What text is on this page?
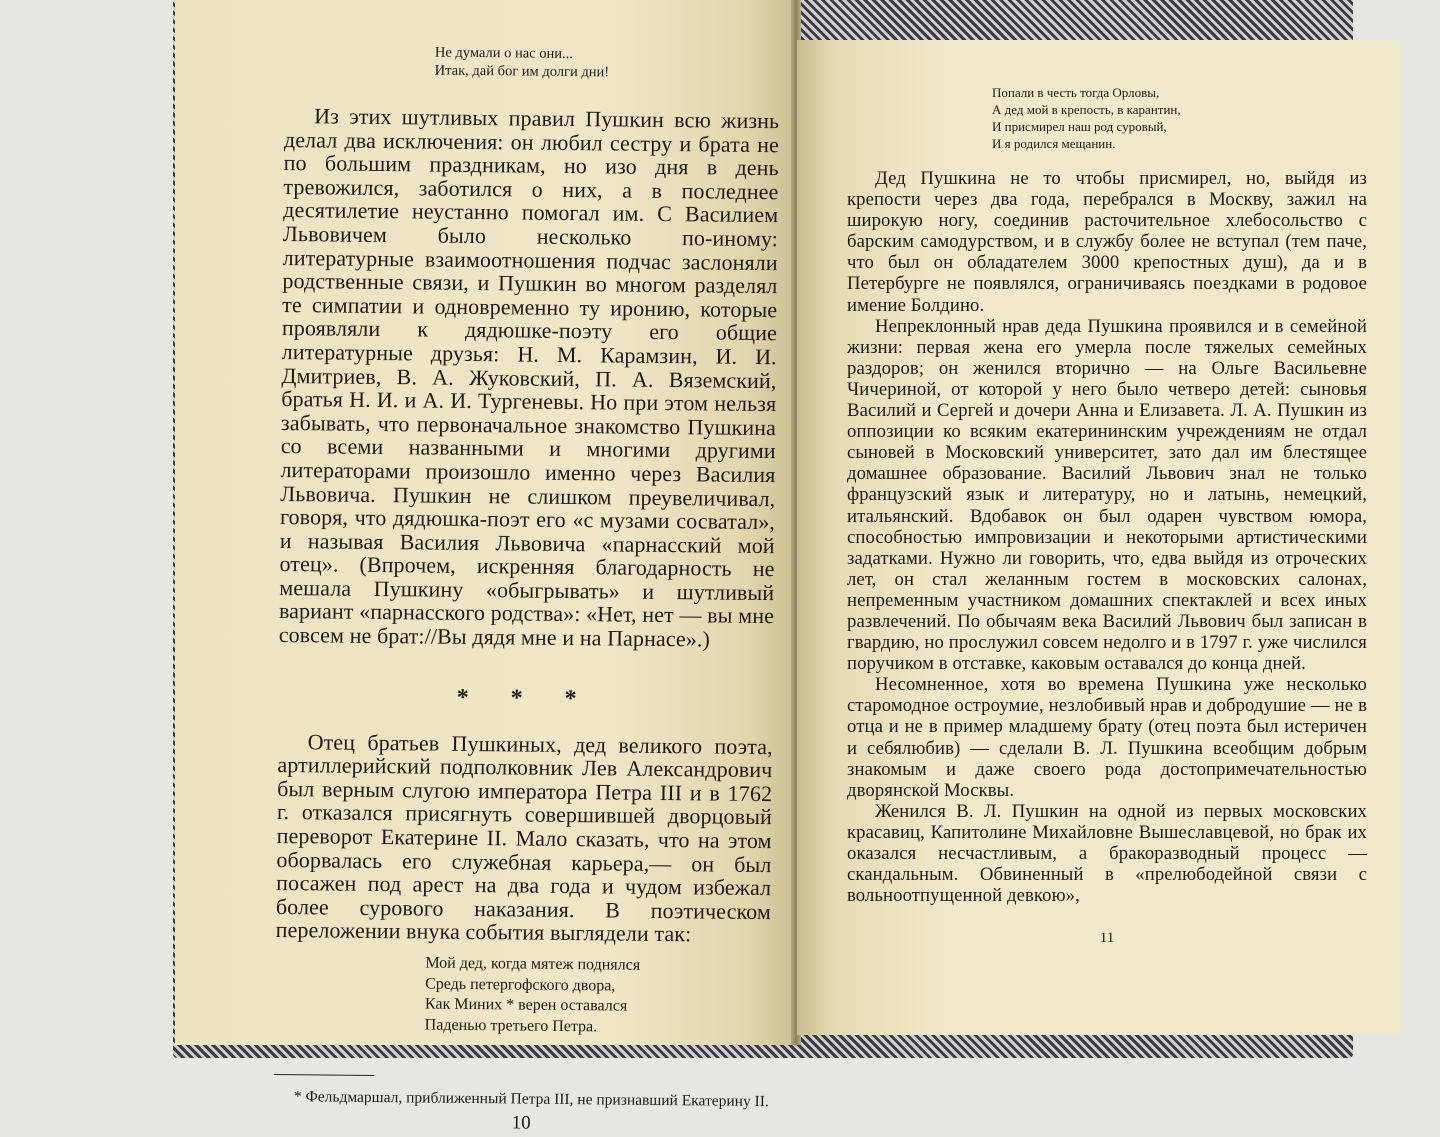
Не думали о нас они...
Итак, дай бог им долги дни!

Из этих шутливых правил Пушкин всю жизнь делал два исключения: он любил сестру и брата не по большим праздникам, но изо дня в день тревожился, заботился о них, а в последнее десятилетие неустанно помогал им. С Василием Львовичем было несколько по-иному: литературные взаимоотношения подчас заслоняли родственные связи, и Пушкин во многом разделял те симпатии и одновременно ту иронию, которые проявляли к дядюшке-поэту его общие литературные друзья: Н. М. Карамзин, И. И. Дмитриев, В. А. Жуковский, П. А. Вяземский, братья Н. И. и А. И. Тургеневы. Но при этом нельзя забывать, что первоначальное знакомство Пушкина со всеми названными и многими другими литераторами произошло именно через Василия Львовича. Пушкин не слишком преувеличивал, говоря, что дядюшка-поэт его «с музами сосватал», и называя Василия Львовича «парнасский мой отец». (Впрочем, искренняя благодарность не мешала Пушкину «обыгрывать» и шутливый вариант «парнасского родства»: «Нет, нет — вы мне совсем не брат://Вы дядя мне и на Парнасе».)

* * *

Отец братьев Пушкиных, дед великого поэта, артиллерийский подполковник Лев Александрович был верным слугою императора Петра III и в 1762 г. отказался присягнуть совершившей дворцовый переворот Екатерине II. Мало сказать, что на этом оборвалась его служебная карьера,— он был посажен под арест на два года и чудом избежал более сурового наказания. В поэтическом переложении внука события выглядели так:

Мой дед, когда мятеж поднялся
Средь петергофского двора,
Как Миних * верен оставался
Паденью третьего Петра.
* Фельдмаршал, приближенный Петра III, не признавший Екатерину II.
10
Попали в честь тогда Орловы,
А дед мой в крепость, в карантин,
И присмирел наш род суровый,
И я родился мещанин.

Дед Пушкина не то чтобы присмирел, но, выйдя из крепости через два года, перебрался в Москву, зажил на широкую ногу, соединив расточительное хлебосольство с барским самодурством, и в службу более не вступал (тем паче, что был он обладателем 3000 крепостных душ), да и в Петербурге не появлялся, ограничиваясь поездками в родовое имение Болдино.

Непреклонный нрав деда Пушкина проявился и в семейной жизни: первая жена его умерла после тяжелых семейных раздоров; он женился вторично — на Ольге Васильевне Чичериной, от которой у него было четверо детей: сыновья Василий и Сергей и дочери Анна и Елизавета. Л. А. Пушкин из оппозиции ко всяким екатерининским учреждениям не отдал сыновей в Московский университет, зато дал им блестящее домашнее образование. Василий Львович знал не только французский язык и литературу, но и латынь, немецкий, итальянский. Вдобавок он был одарен чувством юмора, способностью импровизации и некоторыми артистическими задатками. Нужно ли говорить, что, едва выйдя из отроческих лет, он стал желанным гостем в московских салонах, непременным участником домашних спектаклей и всех иных развлечений. По обычаям века Василий Львович был записан в гвардию, но прослужил совсем недолго и в 1797 г. уже числился поручиком в отставке, каковым оставался до конца дней.

Несомненное, хотя во времена Пушкина уже несколько старомодное остроумие, незлобивый нрав и добродушие — не в отца и не в пример младшему брату (отец поэта был истеричен и себялюбив) — сделали В. Л. Пушкина всеобщим добрым знакомым и даже своего рода достопримечательностью дворянской Москвы.

Женился В. Л. Пушкин на одной из первых московских красавиц, Капитолине Михайловне Вышеславцевой, но брак их оказался несчастливым, а бракоразводный процесс — скандальным. Обвиненный в «прелюбодейной связи с вольноотпущенной девкою»,

11
